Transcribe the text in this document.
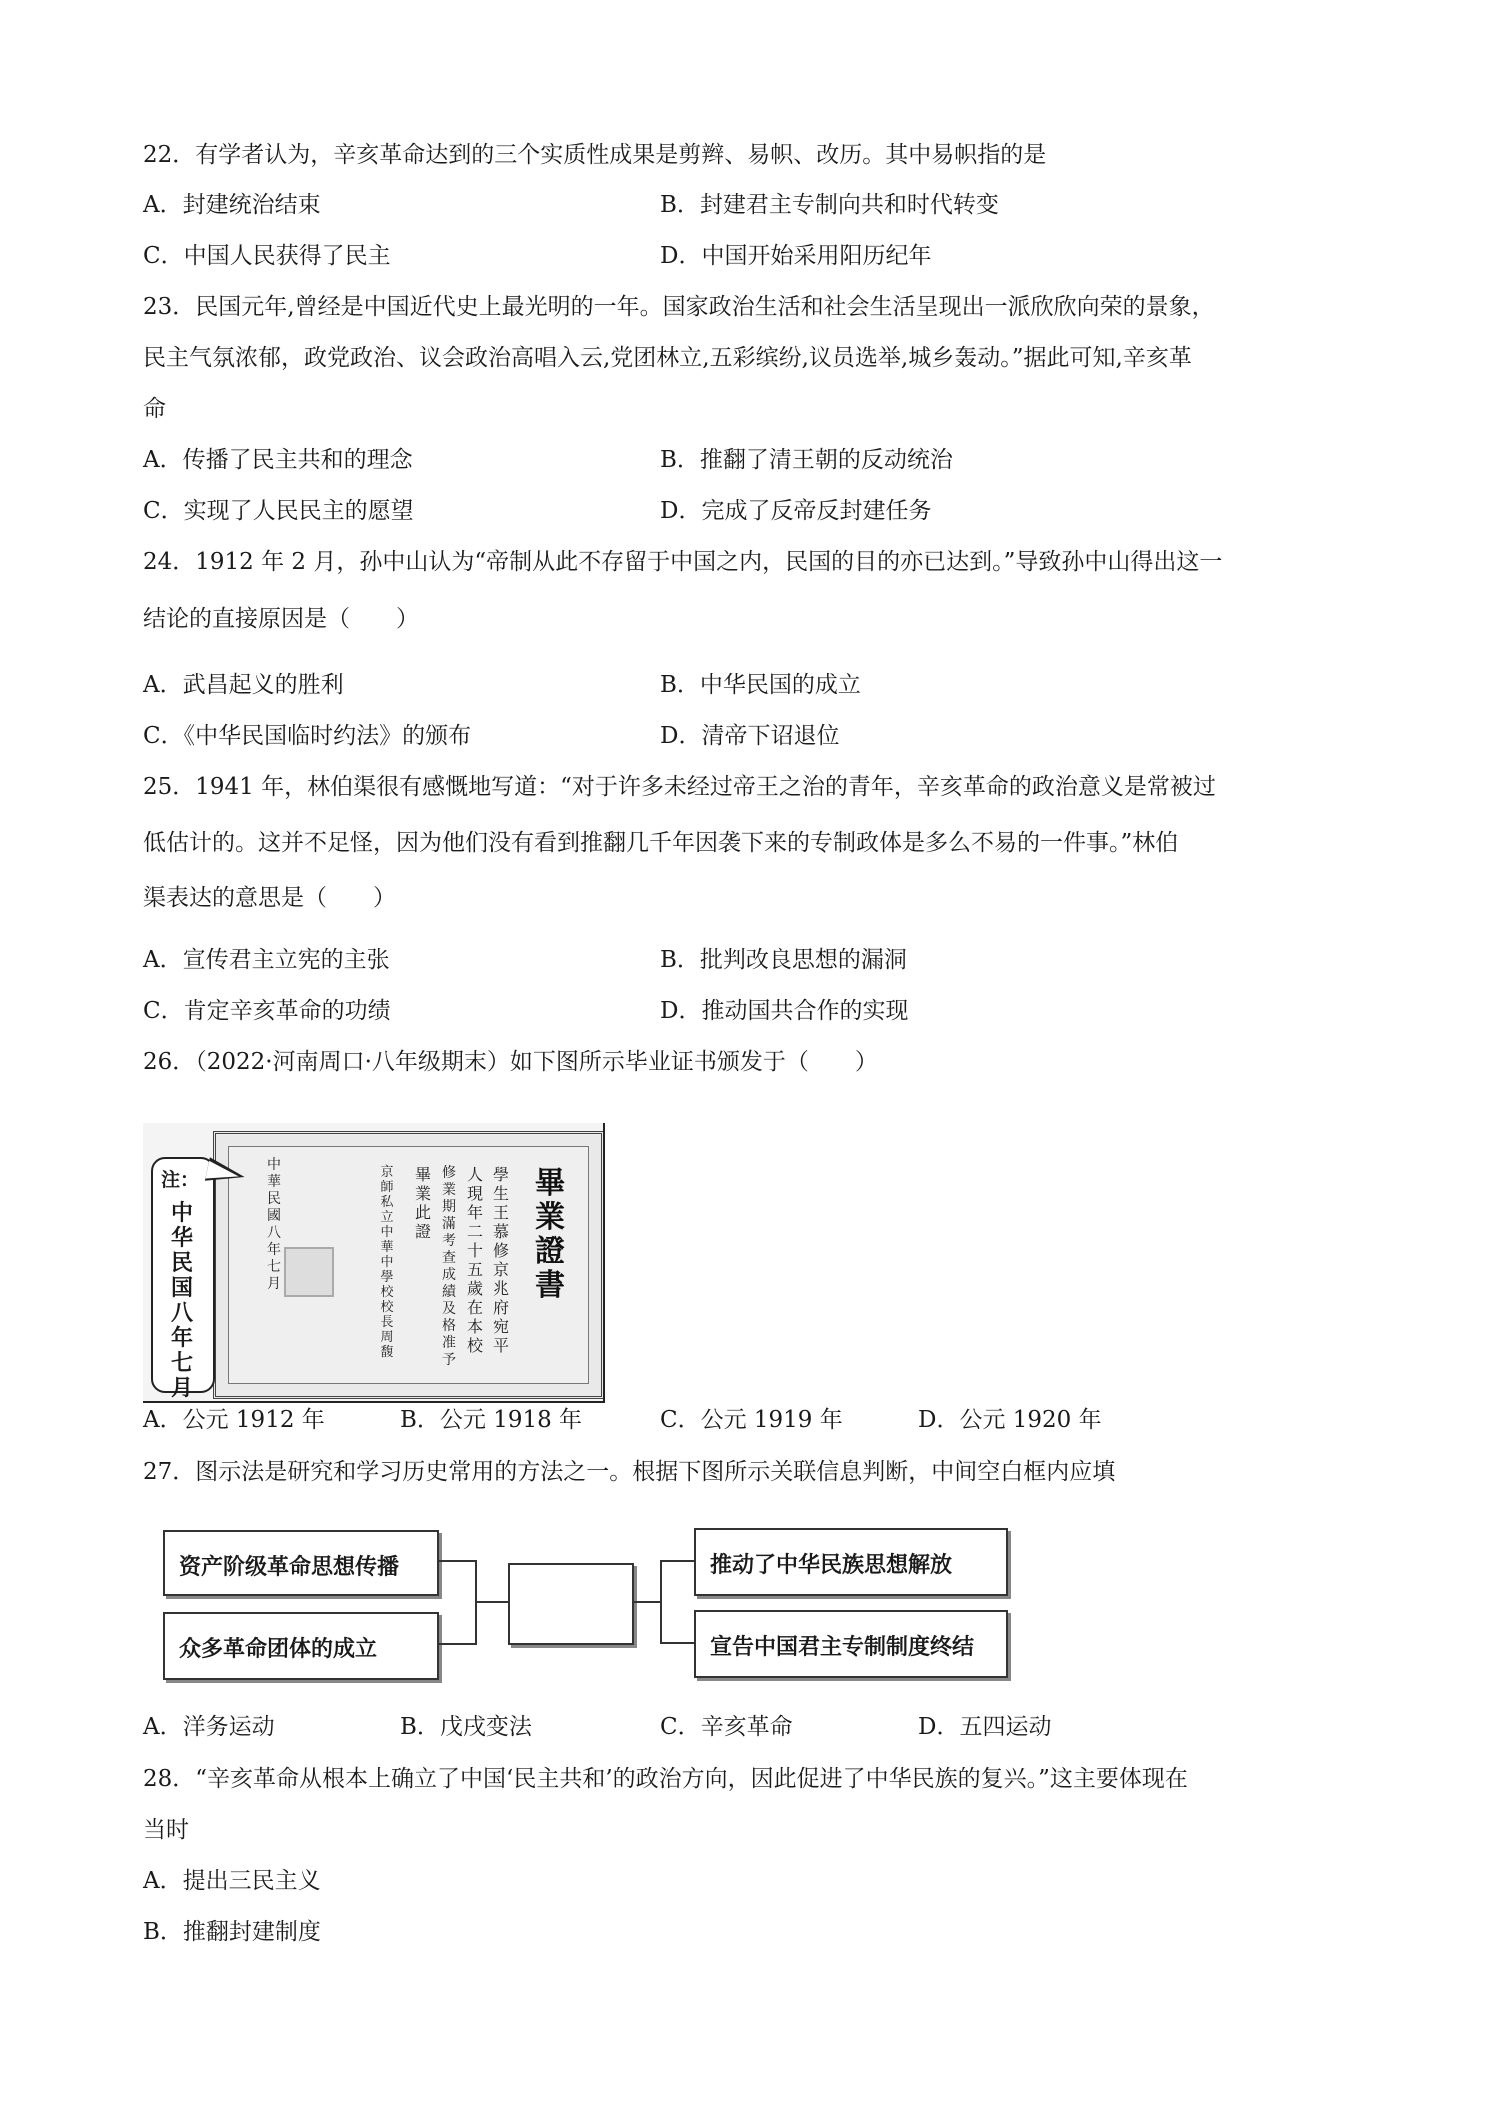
22．有学者认为，辛亥革命达到的三个实质性成果是剪辫、易帜、改历。其中易帜指的是
A．封建统治结束	B．封建君主专制向共和时代转变
C．中国人民获得了民主	D．中国开始采用阳历纪年
23．民国元年,曾经是中国近代史上最光明的一年。国家政治生活和社会生活呈现出一派欣欣向荣的景象，
民主气氛浓郁，政党政治、议会政治高唱入云,党团林立,五彩缤纷,议员选举,城乡轰动。”据此可知,辛亥革
命
A．传播了民主共和的理念	B．推翻了清王朝的反动统治
C．实现了人民民主的愿望	D．完成了反帝反封建任务
24．1912 年 2 月，孙中山认为“帝制从此不存留于中国之内，民国的目的亦已达到。”导致孙中山得出这一
结论的直接原因是（　　）
A．武昌起义的胜利	B．中华民国的成立
C．《中华民国临时约法》的颁布	D．清帝下诏退位
25．1941 年，林伯渠很有感慨地写道：“对于许多未经过帝王之治的青年，辛亥革命的政治意义是常被过
低估计的。这并不足怪，因为他们没有看到推翻几千年因袭下来的专制政体是多么不易的一件事。”林伯
渠表达的意思是（　　）
A．宣传君主立宪的主张	B．批判改良思想的漏洞
C．肯定辛亥革命的功绩	D．推动国共合作的实现
26．（2022·河南周口·八年级期末）如下图所示毕业证书颁发于（　　）
畢
業
證
書
學
生
王
慕
修
京
兆
府
宛
平
人
現
年
二
十
五
歲
在
本
校
修
業
期
滿
考
查
成
績
及
格
准
予
畢
業
此
證
京
師
私
立
中
華
中
學
校
校
長
周
馥
中
華
民
國
八
年
七
月
注：
中
华
民
国
八
年
七
月
A．公元 1912 年	B．公元 1918 年	C．公元 1919 年	D．公元 1920 年
27．图示法是研究和学习历史常用的方法之一。根据下图所示关联信息判断，中间空白框内应填
资产阶级革命思想传播
众多革命团体的成立
推动了中华民族思想解放
宣告中国君主专制制度终结
A．洋务运动	B．戊戌变法	C．辛亥革命	D．五四运动
28．“辛亥革命从根本上确立了中国‘民主共和’的政治方向，因此促进了中华民族的复兴。”这主要体现在
当时
A．提出三民主义
B．推翻封建制度
